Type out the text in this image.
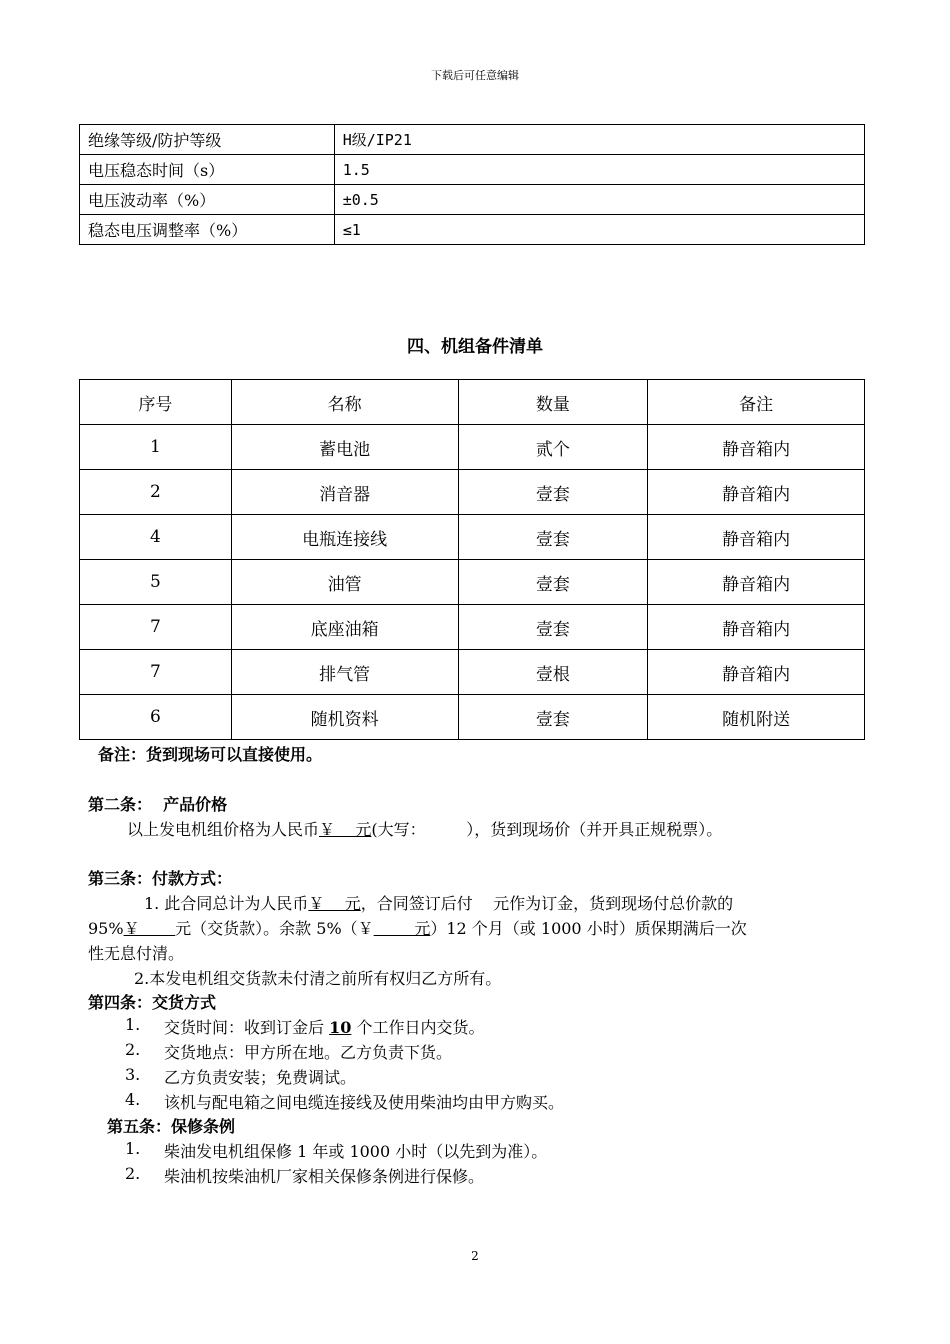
下载后可任意编辑
绝缘等级/防护等级	H级/IP21
电压稳态时间（s）	1.5
电压波动率（%）	±0.5
稳态电压调整率（%）	≤1
四、机组备件清单
序号	名称	数量	备注
1	蓄电池	贰个	静音箱内
2	消音器	壹套	静音箱内
4	电瓶连接线	壹套	静音箱内
5	油管	壹套	静音箱内
7	底座油箱	壹套	静音箱内
7	排气管	壹根	静音箱内
6	随机资料	壹套	随机附送
备注：货到现场可以直接使用。
第二条：  产品价格
以上发电机组价格为人民币￥    元(大写：        ），货到现场价（并开具正规税票）。
第三条：付款方式：
1. 此合同总计为人民币￥    元，合同签订后付    元作为订金，货到现场付总价款的
95%￥       元（交货款）。余款 5%（￥        元）12 个月（或 1000 小时）质保期满后一次
性无息付清。
2.本发电机组交货款未付清之前所有权归乙方所有。
第四条：交货方式
1. 交货时间：收到订金后 10 个工作日内交货。
2. 交货地点：甲方所在地。乙方负责下货。
3. 乙方负责安装；免费调试。
4. 该机与配电箱之间电缆连接线及使用柴油均由甲方购买。
第五条：保修条例
1. 柴油发电机组保修 1 年或 1000 小时（以先到为准）。
2. 柴油机按柴油机厂家相关保修条例进行保修。
2
